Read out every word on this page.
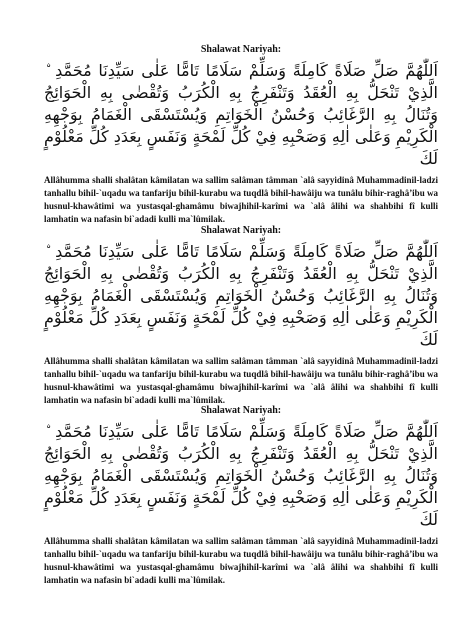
Shalawat Nariyah:

اَللّٰهُمَّ صَلِّ صَلَاةً كَامِلَةً وَسَلِّمْ سَلَامًا تَامًّا عَلٰى سَيِّدِنَا مُحَمَّدِ ۨ الَّذِيْ تَنْحَلُّ بِهِ الْعُقَدُ وَتَنْفَرِجُ بِهِ الْكُرَبُ وَتُقْضٰى بِهِ الْحَوَائِجُ وَتُنَالُ بِهِ الرَّغَائِبُ وَحُسْنُ الْخَوَاتِمِ وَيُسْتَسْقَى الْغَمَامُ بِوَجْهِهِ الْكَرِيْمِ وَعَلٰى اٰلِهِ وَصَحْبِهِ فِيْ كُلِّ لَمْحَةٍ وَنَفَسٍ بِعَدَدِ كُلِّ مَعْلُوْمٍ لَكَ

Allâhumma shalli shalâtan kâmilatan wa sallim salâman tâmman `alâ sayyidinâ Muhammadinil-ladzi tanhallu bihil-`uqadu wa tanfariju bihil-kurabu wa tuqdlâ bihil-hawâiju wa tunâlu bihir-raghâ’ibu wa husnul-khawâtimi wa yustasqal-ghamâmu biwajhihil-karîmi wa `alâ âlihi wa shahbihi fî kulli lamhatin wa nafasin bi`adadi kulli ma`lûmilak.

Shalawat Nariyah:

اَللّٰهُمَّ صَلِّ صَلَاةً كَامِلَةً وَسَلِّمْ سَلَامًا تَامًّا عَلٰى سَيِّدِنَا مُحَمَّدِ ۨ الَّذِيْ تَنْحَلُّ بِهِ الْعُقَدُ وَتَنْفَرِجُ بِهِ الْكُرَبُ وَتُقْضٰى بِهِ الْحَوَائِجُ وَتُنَالُ بِهِ الرَّغَائِبُ وَحُسْنُ الْخَوَاتِمِ وَيُسْتَسْقَى الْغَمَامُ بِوَجْهِهِ الْكَرِيْمِ وَعَلٰى اٰلِهِ وَصَحْبِهِ فِيْ كُلِّ لَمْحَةٍ وَنَفَسٍ بِعَدَدِ كُلِّ مَعْلُوْمٍ لَكَ

Allâhumma shalli shalâtan kâmilatan wa sallim salâman tâmman `alâ sayyidinâ Muhammadinil-ladzi tanhallu bihil-`uqadu wa tanfariju bihil-kurabu wa tuqdlâ bihil-hawâiju wa tunâlu bihir-raghâ’ibu wa husnul-khawâtimi wa yustasqal-ghamâmu biwajhihil-karîmi wa `alâ âlihi wa shahbihi fî kulli lamhatin wa nafasin bi`adadi kulli ma`lûmilak.

Shalawat Nariyah:

اَللّٰهُمَّ صَلِّ صَلَاةً كَامِلَةً وَسَلِّمْ سَلَامًا تَامًّا عَلٰى سَيِّدِنَا مُحَمَّدِ ۨ الَّذِيْ تَنْحَلُّ بِهِ الْعُقَدُ وَتَنْفَرِجُ بِهِ الْكُرَبُ وَتُقْضٰى بِهِ الْحَوَائِجُ وَتُنَالُ بِهِ الرَّغَائِبُ وَحُسْنُ الْخَوَاتِمِ وَيُسْتَسْقَى الْغَمَامُ بِوَجْهِهِ الْكَرِيْمِ وَعَلٰى اٰلِهِ وَصَحْبِهِ فِيْ كُلِّ لَمْحَةٍ وَنَفَسٍ بِعَدَدِ كُلِّ مَعْلُوْمٍ لَكَ

Allâhumma shalli shalâtan kâmilatan wa sallim salâman tâmman `alâ sayyidinâ Muhammadinil-ladzi tanhallu bihil-`uqadu wa tanfariju bihil-kurabu wa tuqdlâ bihil-hawâiju wa tunâlu bihir-raghâ’ibu wa husnul-khawâtimi wa yustasqal-ghamâmu biwajhihil-karîmi wa `alâ âlihi wa shahbihi fî kulli lamhatin wa nafasin bi`adadi kulli ma`lûmilak.
